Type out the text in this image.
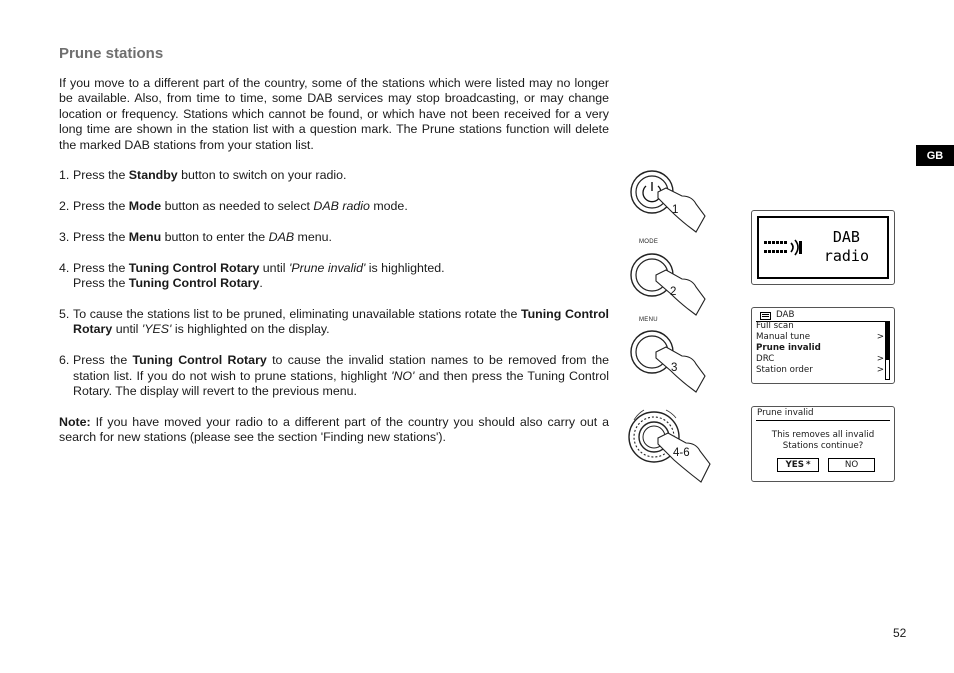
Prune stations

If you move to a different part of the country, some of the stations which were listed may no longer be available. Also, from time to time, some DAB services may stop broadcasting, or may change location or frequency. Stations which cannot be found, or which have not been received for a very long time are shown in the station list with a question mark. The Prune stations function will delete the marked DAB stations from your station list.

1. Press the Standby button to switch on your radio.
2. Press the Mode button as needed to select DAB radio mode.
3. Press the Menu button to enter the DAB menu.
4. Press the Tuning Control Rotary until 'Prune invalid' is highlighted.
Press the Tuning Control Rotary.
5. To cause the stations list to be pruned, eliminating unavailable stations rotate the Tuning Control Rotary until 'YES' is highlighted on the display.
6. Press the Tuning Control Rotary to cause the invalid station names to be removed from the station list. If you do not wish to prune stations, highlight 'NO' and then press the Tuning Control Rotary. The display will revert to the previous menu.

Note: If you have moved your radio to a different part of the country you should also carry out a search for new stations (please see the section 'Finding new stations').

GB
52
1
MODE
2
MENU
3
4-6
DAB
radio
DAB
Full scan
Manual tune	>
Prune invalid
DRC	>
Station order	>
Prune invalid
This removes all invalid
Stations continue?
YES *	NO
